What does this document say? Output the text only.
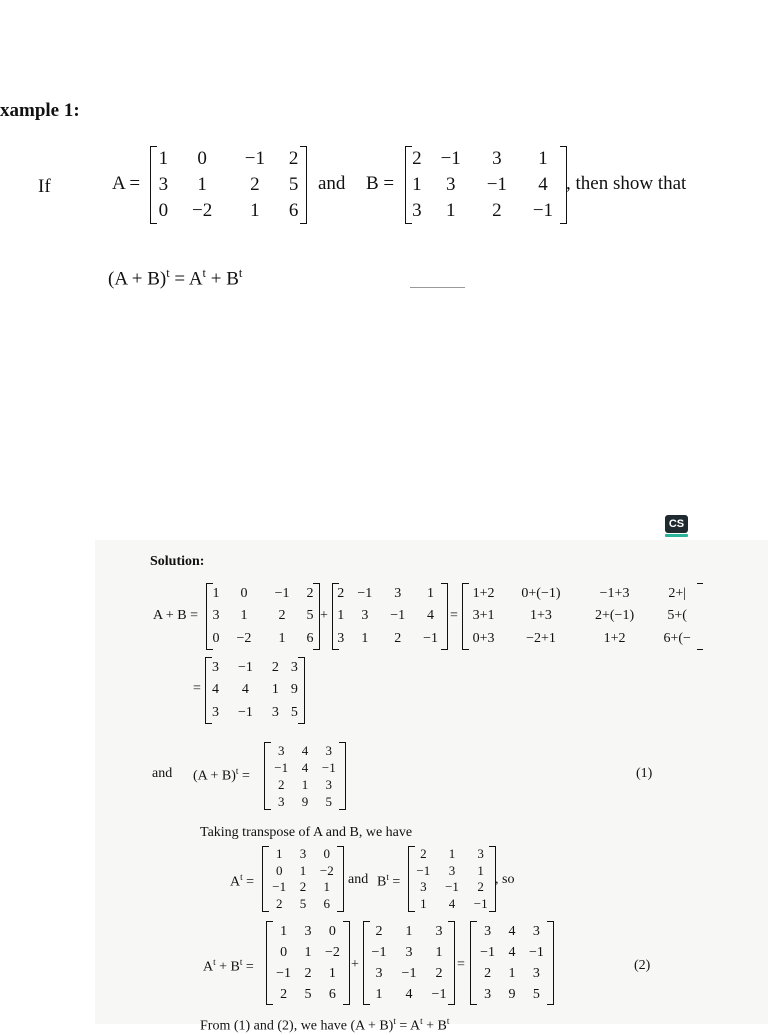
xample 1:
If	A =
1	0	−1	2
3	1	2	5
0	−2	1	6
and B =
2	−1	3	1
1	3	−1	4
3	1	2	−1
, then show that
$(A + B)^t = A^t + B^t$
CS
Solution:
A + B =
1	0	−1	2
3	1	2	5
0	−2	1	6
+
2	−1	3	1
1	3	−1	4
3	1	2	−1
=
1+2	0+(−1)	−1+3	2+|
3+1	1+3	2+(−1)	5+(
0+3	−2+1	1+2	6+(−
=
3	−1	2	3
4	4	1	9
3	−1	3	5
and $(A + B)^t$ =
3	4	3
−1	4	−1
2	1	3
3	9	5
(1)
Taking transpose of A and B, we have
$A^t$ =
1	3	0
0	1	−2
−1	2	1
2	5	6
and $B^t$ =
2	1	3
−1	3	1
3	−1	2
1	4	−1
, so
$A^t + B^t$ =
1	3	0
0	1	−2
−1	2	1
2	5	6
+
2	1	3
−1	3	1
3	−1	2
1	4	−1
=
3	4	3
−1	4	−1
2	1	3
3	9	5
(2)
From (1) and (2), we have $(A + B)^t = A^t + B^t$
